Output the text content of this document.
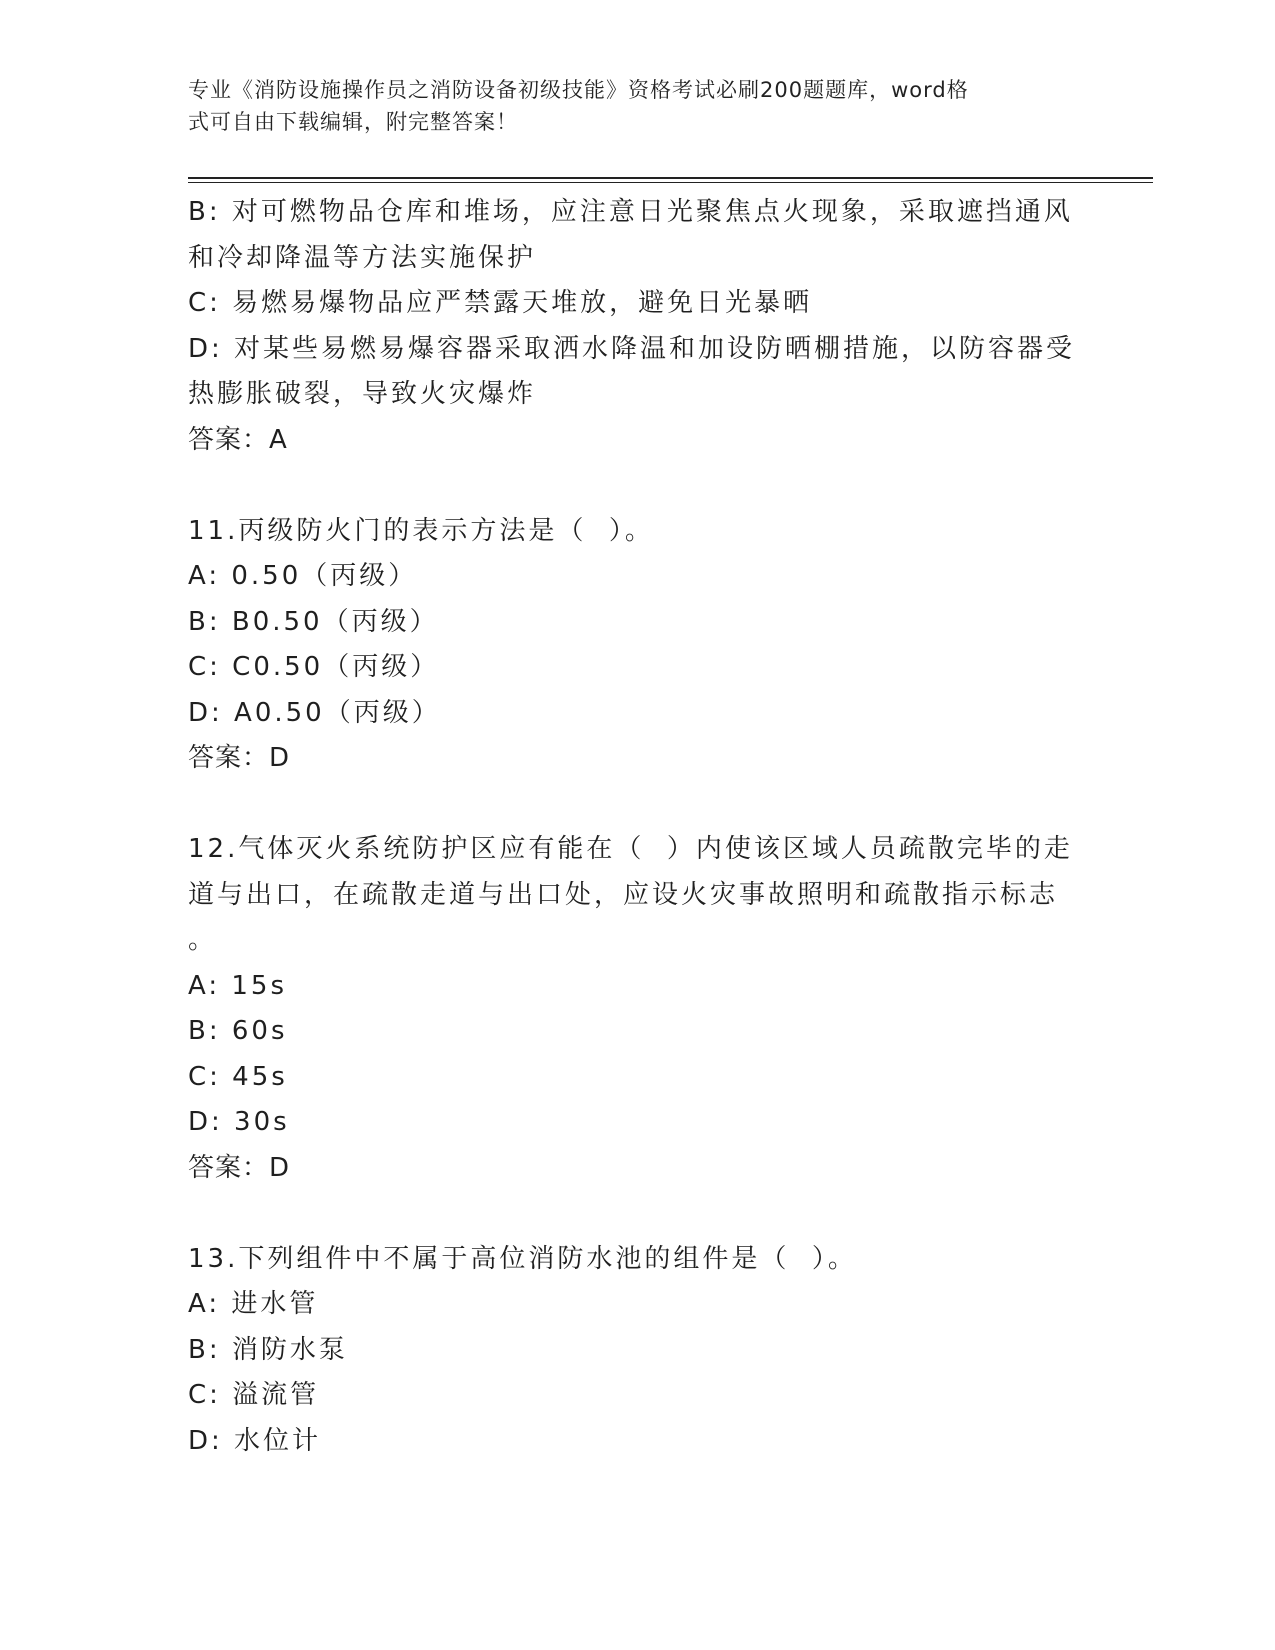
专业《消防设施操作员之消防设备初级技能》资格考试必刷200题题库，word格

式可自由下载编辑，附完整答案！

B: 对可燃物品仓库和堆场，应注意日光聚焦点火现象，采取遮挡通风

和冷却降温等方法实施保护

C: 易燃易爆物品应严禁露天堆放，避免日光暴晒

D: 对某些易燃易爆容器采取洒水降温和加设防晒棚措施，以防容器受

热膨胀破裂，导致火灾爆炸

答案：A

11.丙级防火门的表示方法是（  ）。

A: 0.50（丙级）

B: B0.50（丙级）

C: C0.50（丙级）

D: A0.50（丙级）

答案：D

12.气体灭火系统防护区应有能在（  ）内使该区域人员疏散完毕的走

道与出口，在疏散走道与出口处，应设火灾事故照明和疏散指示标志

。

A: 15s

B: 60s

C: 45s

D: 30s

答案：D

13.下列组件中不属于高位消防水池的组件是（  ）。

A: 进水管

B: 消防水泵

C: 溢流管

D: 水位计
